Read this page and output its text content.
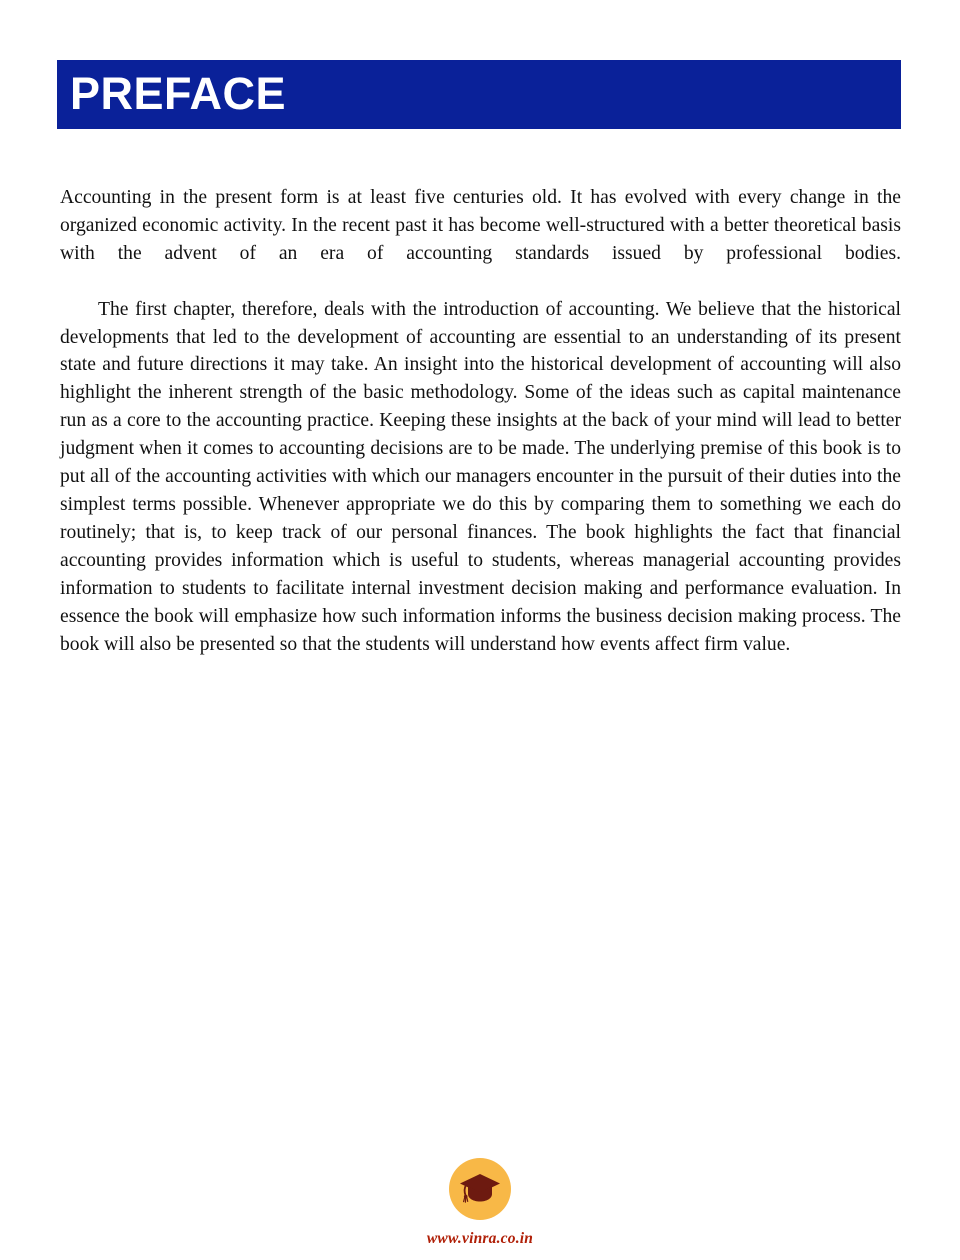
PREFACE

Accounting in the present form is at least five centuries old. It has evolved with every change in the organized economic activity. In the recent past it has become well-structured with a better theoretical basis with the advent of an era of accounting standards issued by professional bodies.

The first chapter, therefore, deals with the introduction of accounting. We believe that the historical developments that led to the development of accounting are essential to an understanding of its present state and future directions it may take. An insight into the historical development of accounting will also highlight the inherent strength of the basic methodology. Some of the ideas such as capital maintenance run as a core to the accounting practice. Keeping these insights at the back of your mind will lead to better judgment when it comes to accounting decisions are to be made. The underlying premise of this book is to put all of the accounting activities with which our managers encounter in the pursuit of their duties into the simplest terms possible. Whenever appropriate we do this by comparing them to something we each do routinely; that is, to keep track of our personal finances. The book highlights the fact that financial accounting provides information which is useful to students, whereas managerial accounting provides information to students to facilitate internal investment decision making and performance evaluation. In essence the book will emphasize how such information informs the business decision making process. The book will also be presented so that the students will understand how events affect firm value.

www.vinra.co.in
